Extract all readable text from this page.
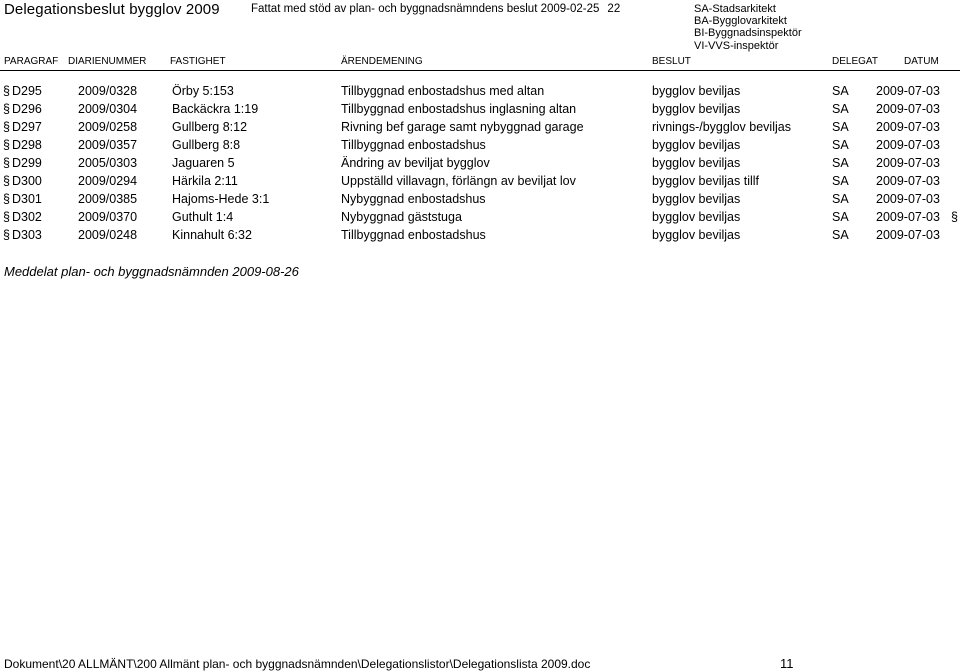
Delegationsbeslut bygglov 2009	Fattat med stöd av plan- och byggnadsnämndens beslut 2009-02-25 22	SA-Stadsarkitekt
BA-Bygglovarkitekt
BI-Byggnadsinspektör
VI-VVS-inspektör
PARAGRAF DIARIENUMMER FASTIGHET	ÄRENDEMENING	BESLUT	DELEGAT	DATUM
§ D295	2009/0328	Örby 5:153	Tillbyggnad enbostadshus med altan	bygglov beviljas	SA 2009-07-03
§ D296	2009/0304	Backäckra 1:19	Tillbyggnad enbostadshus inglasning altan	bygglov beviljas	SA 2009-07-03
§ D297	2009/0258	Gullberg 8:12	Rivning bef garage samt nybyggnad garage	rivnings-/bygglov beviljas	SA 2009-07-03
§ D298	2009/0357	Gullberg 8:8	Tillbyggnad enbostadshus	bygglov beviljas	SA 2009-07-03
§ D299	2005/0303	Jaguaren 5	Ändring av beviljat bygglov	bygglov beviljas	SA 2009-07-03
§ D300	2009/0294	Härkila 2:11	Uppställd villavagn, förlängn av beviljat lov	bygglov beviljas tillf	SA 2009-07-03
§ D301	2009/0385	Hajoms-Hede 3:1	Nybyggnad enbostadshus	bygglov beviljas	SA 2009-07-03
§ D302	2009/0370	Guthult 1:4	Nybyggnad gäststuga	bygglov beviljas	SA 2009-07-03 §
§ D303	2009/0248	Kinnahult 6:32	Tillbyggnad enbostadshus	bygglov beviljas	SA 2009-07-03
Meddelat plan- och byggnadsnämnden 2009-08-26
Dokument\20 ALLMÄNT\200 Allmänt plan- och byggnadsnämnden\Delegationslistor\Delegationslista 2009.doc	11
